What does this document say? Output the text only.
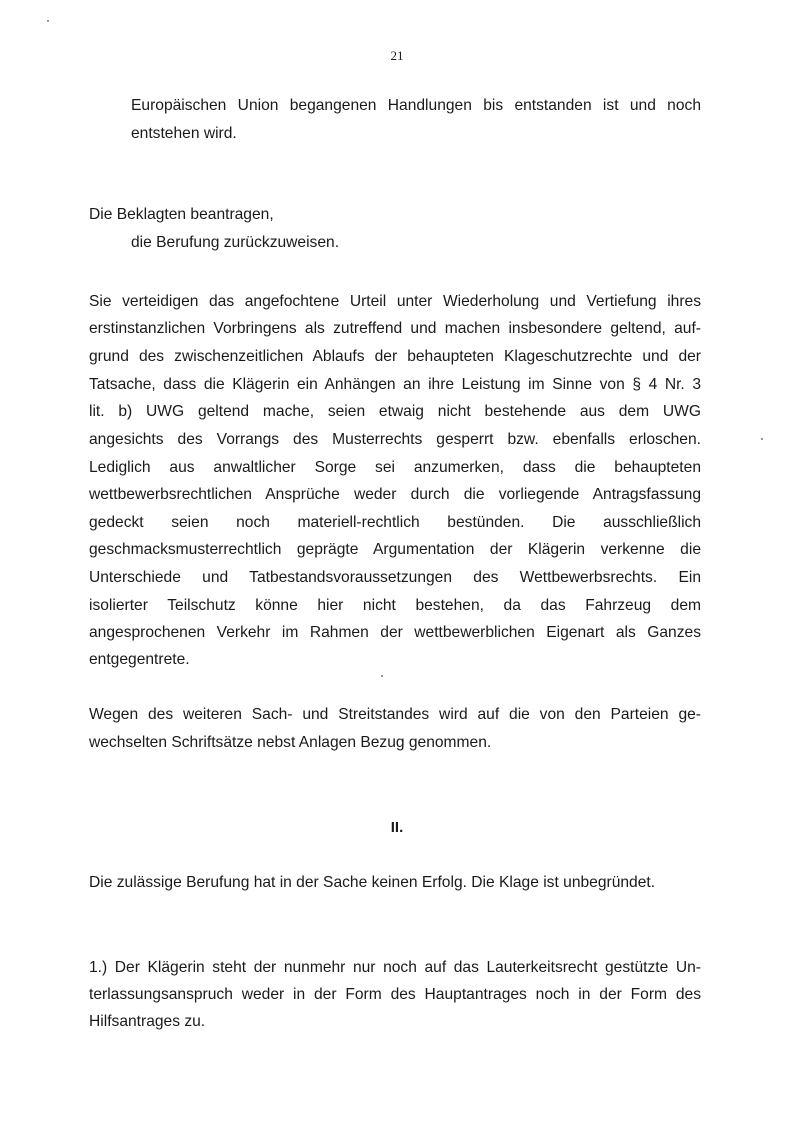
21
Europäischen Union begangenen Handlungen bis entstanden ist und noch
entstehen wird.
Die Beklagten beantragen,
die Berufung zurückzuweisen.
Sie verteidigen das angefochtene Urteil unter Wiederholung und Vertiefung ihres
erstinstanzlichen Vorbringens als zutreffend und machen insbesondere geltend, auf-
grund des zwischenzeitlichen Ablaufs der behaupteten Klageschutzrechte und der
Tatsache, dass die Klägerin ein Anhängen an ihre Leistung im Sinne von § 4 Nr. 3
lit. b) UWG geltend mache, seien etwaig nicht bestehende aus dem UWG
angesichts des Vorrangs des Musterrechts gesperrt bzw. ebenfalls erloschen.
Lediglich aus anwaltlicher Sorge sei anzumerken, dass die behaupteten
wettbewerbsrechtlichen Ansprüche weder durch die vorliegende Antragsfassung
gedeckt seien noch materiell-rechtlich bestünden. Die ausschließlich
geschmacksmusterrechtlich geprägte Argumentation der Klägerin verkenne die
Unterschiede und Tatbestandsvoraussetzungen des Wettbewerbsrechts. Ein
isolierter Teilschutz könne hier nicht bestehen, da das Fahrzeug dem
angesprochenen Verkehr im Rahmen der wettbewerblichen Eigenart als Ganzes
entgegentrete.
Wegen des weiteren Sach- und Streitstandes wird auf die von den Parteien ge-
wechselten Schriftsätze nebst Anlagen Bezug genommen.
II.
Die zulässige Berufung hat in der Sache keinen Erfolg. Die Klage ist unbegründet.
1.) Der Klägerin steht der nunmehr nur noch auf das Lauterkeitsrecht gestützte Un-
terlassungsanspruch weder in der Form des Hauptantrages noch in der Form des
Hilfsantrages zu.
